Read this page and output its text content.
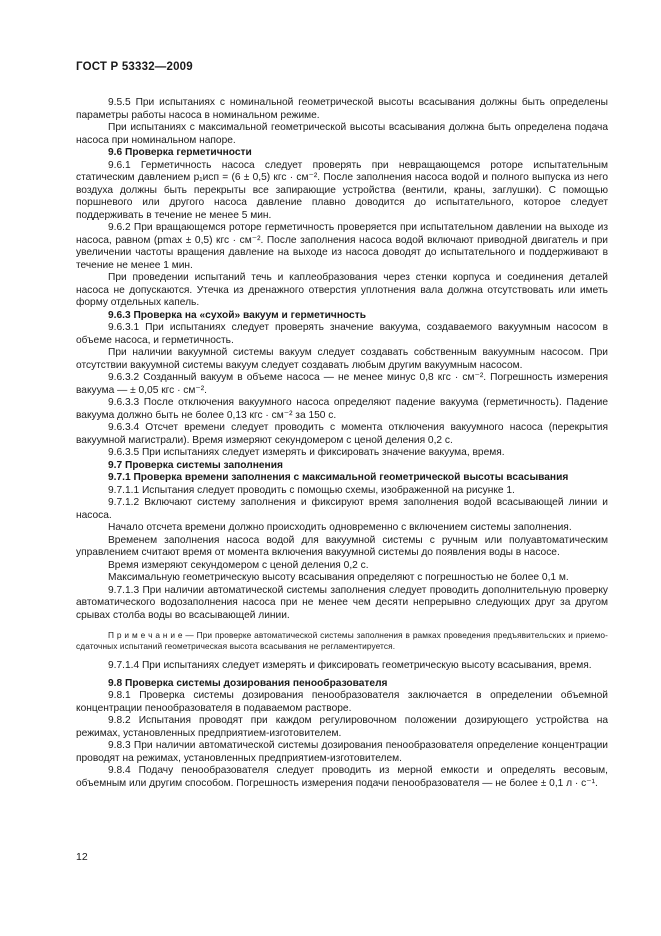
ГОСТ Р 53332—2009

9.5.5 При испытаниях с номинальной геометрической высоты всасывания должны быть определены параметры работы насоса в номинальном режиме.

При испытаниях с максимальной геометрической высоты всасывания должна быть определена подача насоса при номинальном напоре.

9.6 Проверка герметичности

9.6.1 Герметичность насоса следует проверять при невращающемся роторе испытательным статическим давлением p₁исп = (6 ± 0,5) кгс · см⁻². После заполнения насоса водой и полного выпуска из него воздуха должны быть перекрыты все запирающие устройства (вентили, краны, заглушки). С помощью поршневого или другого насоса давление плавно доводится до испытательного, которое следует поддерживать в течение не менее 5 мин.

9.6.2 При вращающемся роторе герметичность проверяется при испытательном давлении на выходе из насоса, равном (pmax ± 0,5) кгс · см⁻². После заполнения насоса водой включают приводной двигатель и при увеличении частоты вращения давление на выходе из насоса доводят до испытательного и поддерживают в течение не менее 1 мин.

При проведении испытаний течь и каплеобразования через стенки корпуса и соединения деталей насоса не допускаются. Утечка из дренажного отверстия уплотнения вала должна отсутствовать или иметь форму отдельных капель.

9.6.3 Проверка на «сухой» вакуум и герметичность

9.6.3.1 При испытаниях следует проверять значение вакуума, создаваемого вакуумным насосом в объеме насоса, и герметичность.

При наличии вакуумной системы вакуум следует создавать собственным вакуумным насосом. При отсутствии вакуумной системы вакуум следует создавать любым другим вакуумным насосом.

9.6.3.2 Созданный вакуум в объеме насоса — не менее минус 0,8 кгс · см⁻². Погрешность измерения вакуума — ± 0,05 кгс · см⁻².

9.6.3.3 После отключения вакуумного насоса определяют падение вакуума (герметичность). Падение вакуума должно быть не более 0,13 кгс · см⁻² за 150 с.

9.6.3.4 Отсчет времени следует проводить с момента отключения вакуумного насоса (перекрытия вакуумной магистрали). Время измеряют секундомером с ценой деления 0,2 с.

9.6.3.5 При испытаниях следует измерять и фиксировать значение вакуума, время.

9.7 Проверка системы заполнения

9.7.1 Проверка времени заполнения с максимальной геометрической высоты всасывания

9.7.1.1 Испытания следует проводить с помощью схемы, изображенной на рисунке 1.

9.7.1.2 Включают систему заполнения и фиксируют время заполнения водой всасывающей линии и насоса.

Начало отсчета времени должно происходить одновременно с включением системы заполнения.

Временем заполнения насоса водой для вакуумной системы с ручным или полуавтоматическим управлением считают время от момента включения вакуумной системы до появления воды в насосе.

Время измеряют секундомером с ценой деления 0,2 с.

Максимальную геометрическую высоту всасывания определяют с погрешностью не более 0,1 м.

9.7.1.3 При наличии автоматической системы заполнения следует проводить дополнительную проверку автоматического водозаполнения насоса при не менее чем десяти непрерывно следующих друг за другом срывах столба воды во всасывающей линии.

П р и м е ч а н и е — При проверке автоматической системы заполнения в рамках проведения предъявительских и приемо-сдаточных испытаний геометрическая высота всасывания не регламентируется.

9.7.1.4 При испытаниях следует измерять и фиксировать геометрическую высоту всасывания, время.

9.8 Проверка системы дозирования пенообразователя

9.8.1 Проверка системы дозирования пенообразователя заключается в определении объемной концентрации пенообразователя в подаваемом растворе.

9.8.2 Испытания проводят при каждом регулировочном положении дозирующего устройства на режимах, установленных предприятием-изготовителем.

9.8.3 При наличии автоматической системы дозирования пенообразователя определение концентрации проводят на режимах, установленных предприятием-изготовителем.

9.8.4 Подачу пенообразователя следует проводить из мерной емкости и определять весовым, объемным или другим способом. Погрешность измерения подачи пенообразователя — не более ± 0,1 л · с⁻¹.

12
